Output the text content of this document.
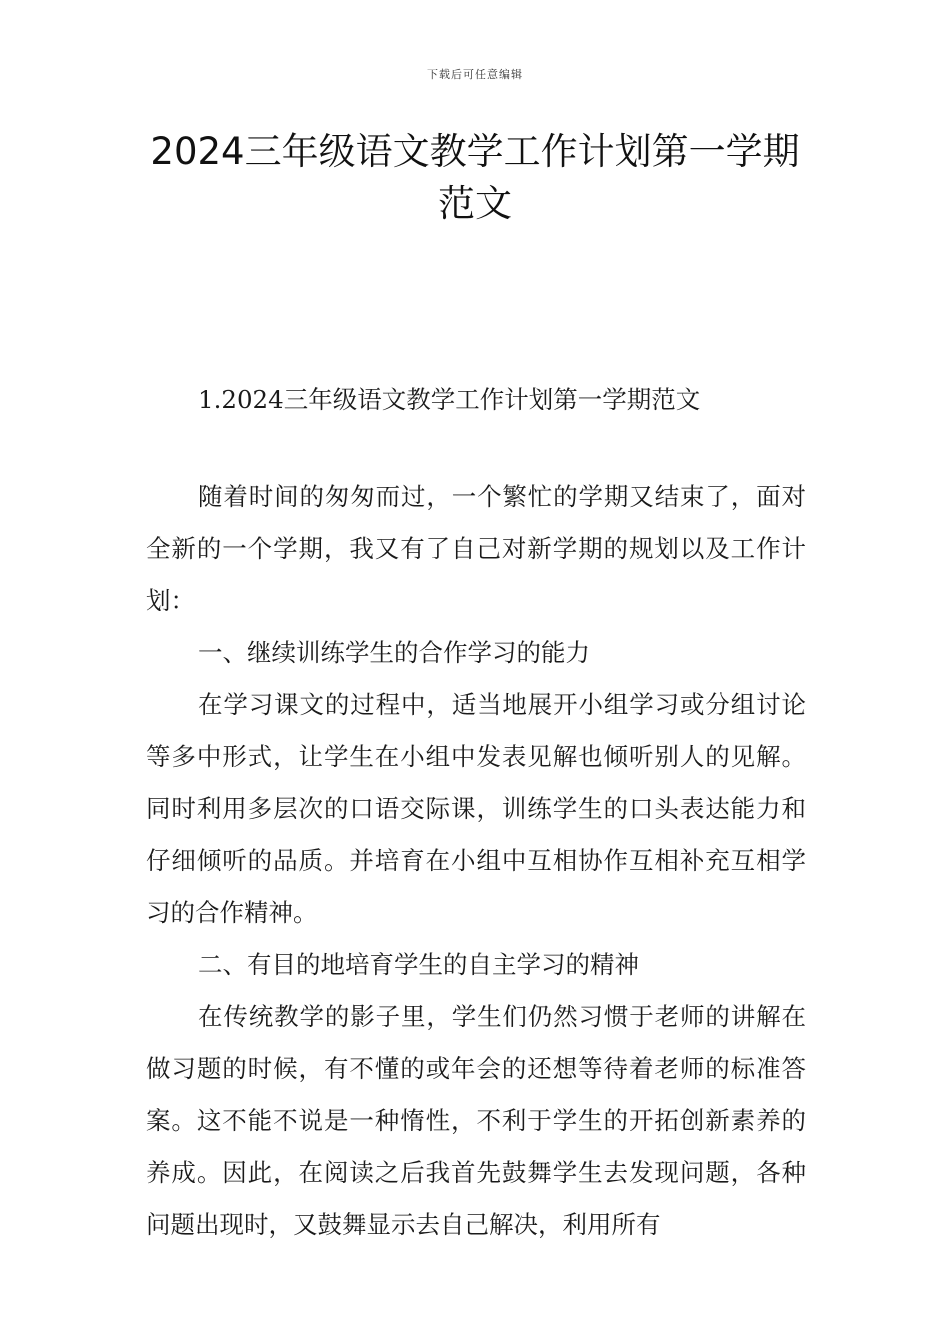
下载后可任意编辑
2024三年级语文教学工作计划第一学期范文
1.2024三年级语文教学工作计划第一学期范文

随着时间的匆匆而过，一个繁忙的学期又结束了，面对全新的一个学期，我又有了自己对新学期的规划以及工作计划：

一、继续训练学生的合作学习的能力

在学习课文的过程中，适当地展开小组学习或分组讨论等多中形式，让学生在小组中发表见解也倾听别人的见解。同时利用多层次的口语交际课，训练学生的口头表达能力和仔细倾听的品质。并培育在小组中互相协作互相补充互相学习的合作精神。

二、有目的地培育学生的自主学习的精神

在传统教学的影子里，学生们仍然习惯于老师的讲解在做习题的时候，有不懂的或年会的还想等待着老师的标准答案。这不能不说是一种惰性，不利于学生的开拓创新素养的养成。因此，在阅读之后我首先鼓舞学生去发现问题，各种问题出现时，又鼓舞显示去自己解决，利用所有
